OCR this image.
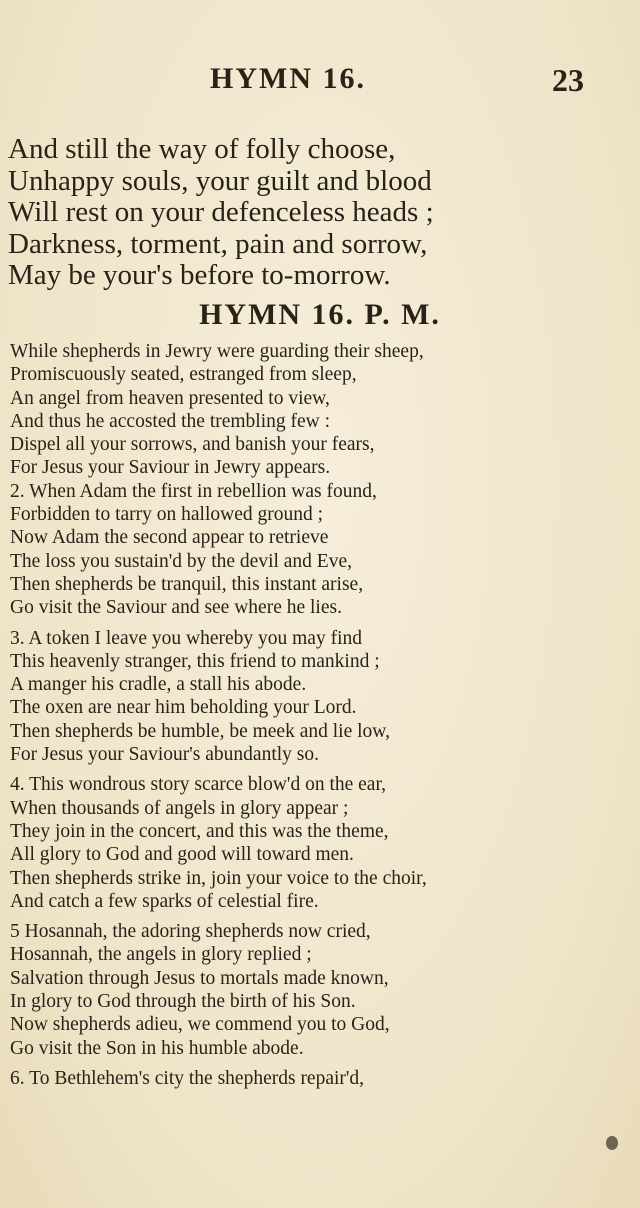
HYMN 16.	23
And still the way of folly choose,
Unhappy souls, your guilt and blood
Will rest on your defenceless heads ;
Darkness, torment, pain and sorrow,
May be your's before to-morrow.
HYMN 16. P. M.
While shepherds in Jewry were guarding their sheep,
Promiscuously seated, estranged from sleep,
An angel from heaven presented to view,
And thus he accosted the trembling few :
Dispel all your sorrows, and banish your fears,
For Jesus your Saviour in Jewry appears.
2. When Adam the first in rebellion was found,
Forbidden to tarry on hallowed ground ;
Now Adam the second appear to retrieve
The loss you sustain'd by the devil and Eve,
Then shepherds be tranquil, this instant arise,
Go visit the Saviour and see where he lies.
3. A token I leave you whereby you may find
This heavenly stranger, this friend to mankind ;
A manger his cradle, a stall his abode.
The oxen are near him beholding your Lord.
Then shepherds be humble, be meek and lie low,
For Jesus your Saviour's abundantly so.
4. This wondrous story scarce blow'd on the ear,
When thousands of angels in glory appear ;
They join in the concert, and this was the theme,
All glory to God and good will toward men.
Then shepherds strike in, join your voice to the choir,
And catch a few sparks of celestial fire.
5 Hosannah, the adoring shepherds now cried,
Hosannah, the angels in glory replied ;
Salvation through Jesus to mortals made known,
In glory to God through the birth of his Son.
Now shepherds adieu, we commend you to God,
Go visit the Son in his humble abode.
6. To Bethlehem's city the shepherds repair'd,
